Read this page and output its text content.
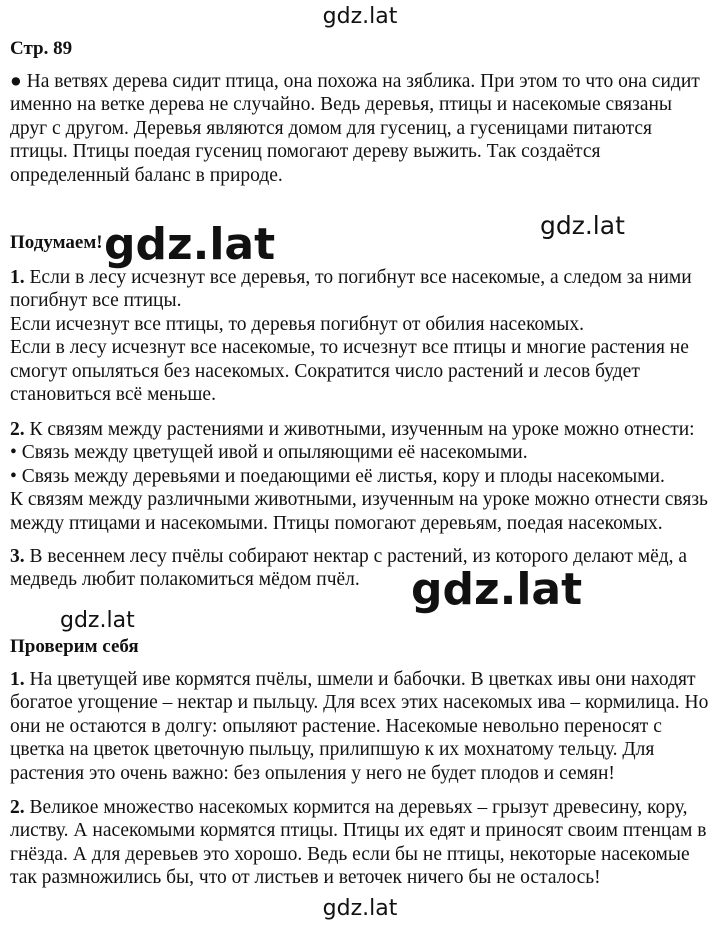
gdz.lat
Стр. 89
● На ветвях дерева сидит птица, она похожа на зяблика. При этом то что она сидит именно на ветке дерева не случайно. Ведь деревья, птицы и насекомые связаны друг с другом. Деревья являются домом для гусениц, а гусеницами питаются птицы. Птицы поедая гусениц помогают дереву выжить. Так создаётся определенный баланс в природе.
gdz.lat
Подумаем! gdz.lat
1. Если в лесу исчезнут все деревья, то погибнут все насекомые, а следом за ними погибнут все птицы.
Если исчезнут все птицы, то деревья погибнут от обилия насекомых.
Если в лесу исчезнут все насекомые, то исчезнут все птицы и многие растения не смогут опыляться без насекомых. Сократится число растений и лесов будет становиться всё меньше.
2. К связям между растениями и животными, изученным на уроке можно отнести:
• Связь между цветущей ивой и опыляющими её насекомыми.
• Связь между деревьями и поедающими её листья, кору и плоды насекомыми.
К связям между различными животными, изученным на уроке можно отнести связь между птицами и насекомыми. Птицы помогают деревьям, поедая насекомых.
3. В весеннем лесу пчёлы собирают нектар с растений, из которого делают мёд, а медведь любит полакомиться мёдом пчёл.	gdz.lat
gdz.lat
Проверим себя
1. На цветущей иве кормятся пчёлы, шмели и бабочки. В цветках ивы они находят богатое угощение – нектар и пыльцу. Для всех этих насекомых ива – кормилица. Но они не остаются в долгу: опыляют растение. Насекомые невольно переносят с цветка на цветок цветочную пыльцу, прилипшую к их мохнатому тельцу. Для растения это очень важно: без опыления у него не будет плодов и семян!
2. Великое множество насекомых кормится на деревьях – грызут древесину, кору, листву. А насекомыми кормятся птицы. Птицы их едят и приносят своим птенцам в гнёзда. А для деревьев это хорошо. Ведь если бы не птицы, некоторые насекомые так размножились бы, что от листьев и веточек ничего бы не осталось!
gdz.lat
